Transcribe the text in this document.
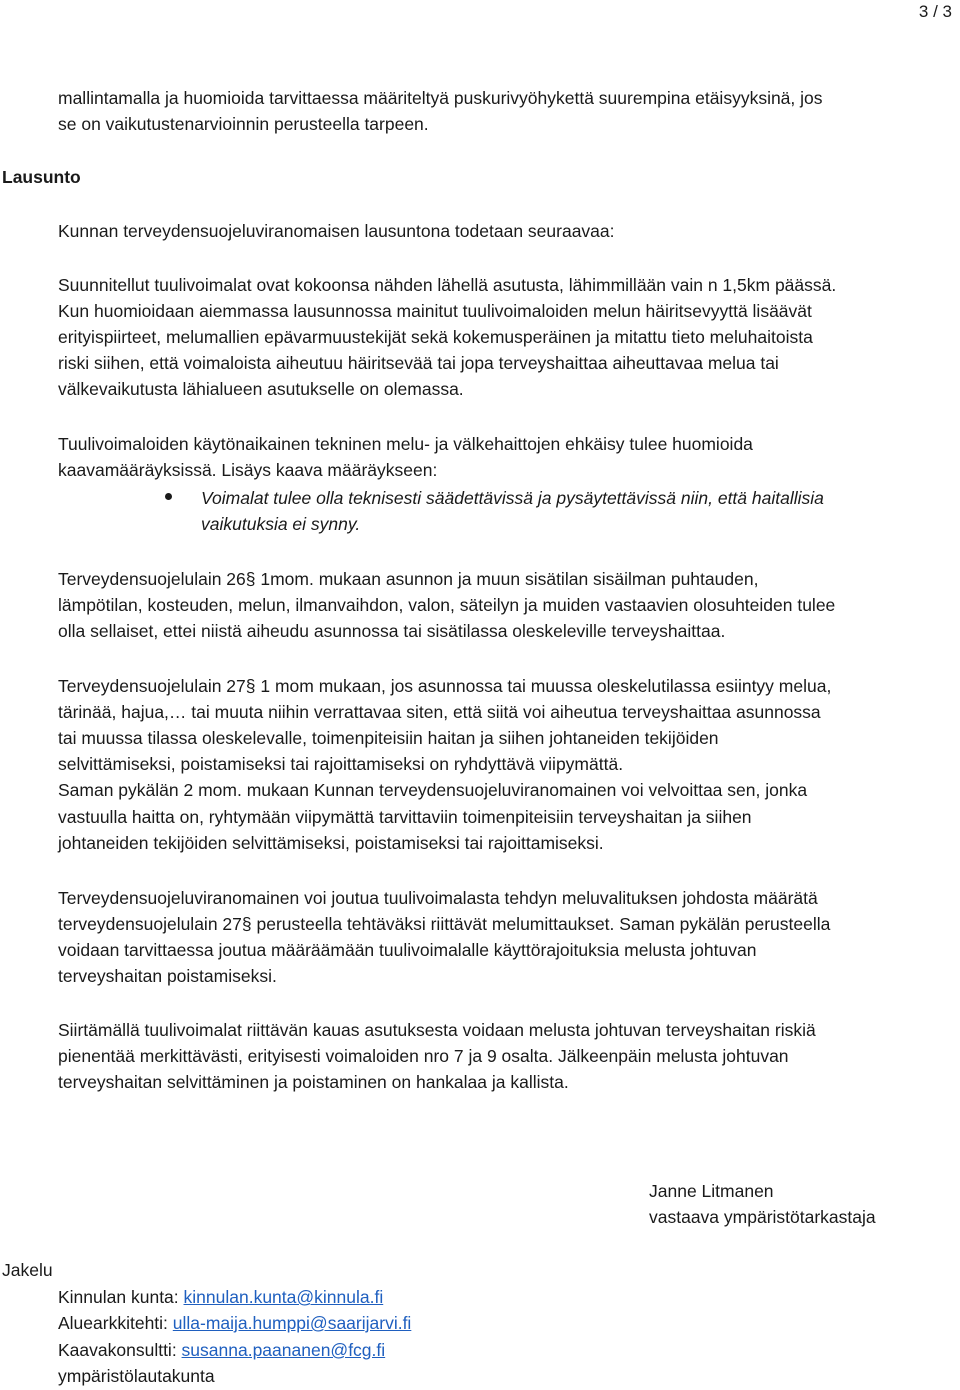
3 / 3
mallintamalla ja huomioida tarvittaessa määriteltyä puskurivyöhykettä suurempina etäisyyksinä, jos
se on vaikutustenarvioinnin perusteella tarpeen.
Lausunto
Kunnan terveydensuojeluviranomaisen lausuntona todetaan seuraavaa:
Suunnitellut tuulivoimalat ovat kokoonsa nähden lähellä asutusta, lähimmillään vain n 1,5km päässä.
Kun huomioidaan aiemmassa lausunnossa mainitut tuulivoimaloiden melun häiritsevyyttä lisäävät
erityispiirteet, melumallien epävarmuustekijät sekä kokemusperäinen ja mitattu tieto meluhaitoista
riski siihen, että voimaloista aiheutuu häiritsevää tai jopa terveyshaittaa aiheuttavaa melua tai
välkevaikutusta lähialueen asutukselle on olemassa.
Tuulivoimaloiden käytönaikainen tekninen melu- ja välkehaittojen ehkäisy tulee huomioida
kaavamääräyksissä. Lisäys kaava määräykseen:
Voimalat tulee olla teknisesti säädettävissä ja pysäytettävissä niin, että haitallisia
vaikutuksia ei synny.
Terveydensuojelulain 26§ 1mom. mukaan asunnon ja muun sisätilan sisäilman puhtauden,
lämpötilan, kosteuden, melun, ilmanvaihdon, valon, säteilyn ja muiden vastaavien olosuhteiden tulee
olla sellaiset, ettei niistä aiheudu asunnossa tai sisätilassa oleskeleville terveyshaittaa.
Terveydensuojelulain 27§ 1 mom mukaan, jos asunnossa tai muussa oleskelutilassa esiintyy melua,
tärinää, hajua,… tai muuta niihin verrattavaa siten, että siitä voi aiheutua terveyshaittaa asunnossa
tai muussa tilassa oleskelevalle, toimenpiteisiin haitan ja siihen johtaneiden tekijöiden
selvittämiseksi, poistamiseksi tai rajoittamiseksi on ryhdyttävä viipymättä.
Saman pykälän 2 mom. mukaan Kunnan terveydensuojeluviranomainen voi velvoittaa sen, jonka
vastuulla haitta on, ryhtymään viipymättä tarvittaviin toimenpiteisiin terveyshaitan ja siihen
johtaneiden tekijöiden selvittämiseksi, poistamiseksi tai rajoittamiseksi.
Terveydensuojeluviranomainen voi joutua tuulivoimalasta tehdyn meluvalituksen johdosta määrätä
terveydensuojelulain 27§ perusteella tehtäväksi riittävät melumittaukset. Saman pykälän perusteella
voidaan tarvittaessa joutua määräämään tuulivoimalalle käyttörajoituksia melusta johtuvan
terveyshaitan poistamiseksi.
Siirtämällä tuulivoimalat riittävän kauas asutuksesta voidaan melusta johtuvan terveyshaitan riskiä
pienentää merkittävästi, erityisesti voimaloiden nro 7 ja 9 osalta. Jälkeenpäin melusta johtuvan
terveyshaitan selvittäminen ja poistaminen on hankalaa ja kallista.
Janne Litmanen
vastaava ympäristötarkastaja
Jakelu
Kinnulan kunta: kinnulan.kunta@kinnula.fi
Aluearkkitehti: ulla-maija.humppi@saarijarvi.fi
Kaavakonsultti: susanna.paananen@fcg.fi
ympäristölautakunta
